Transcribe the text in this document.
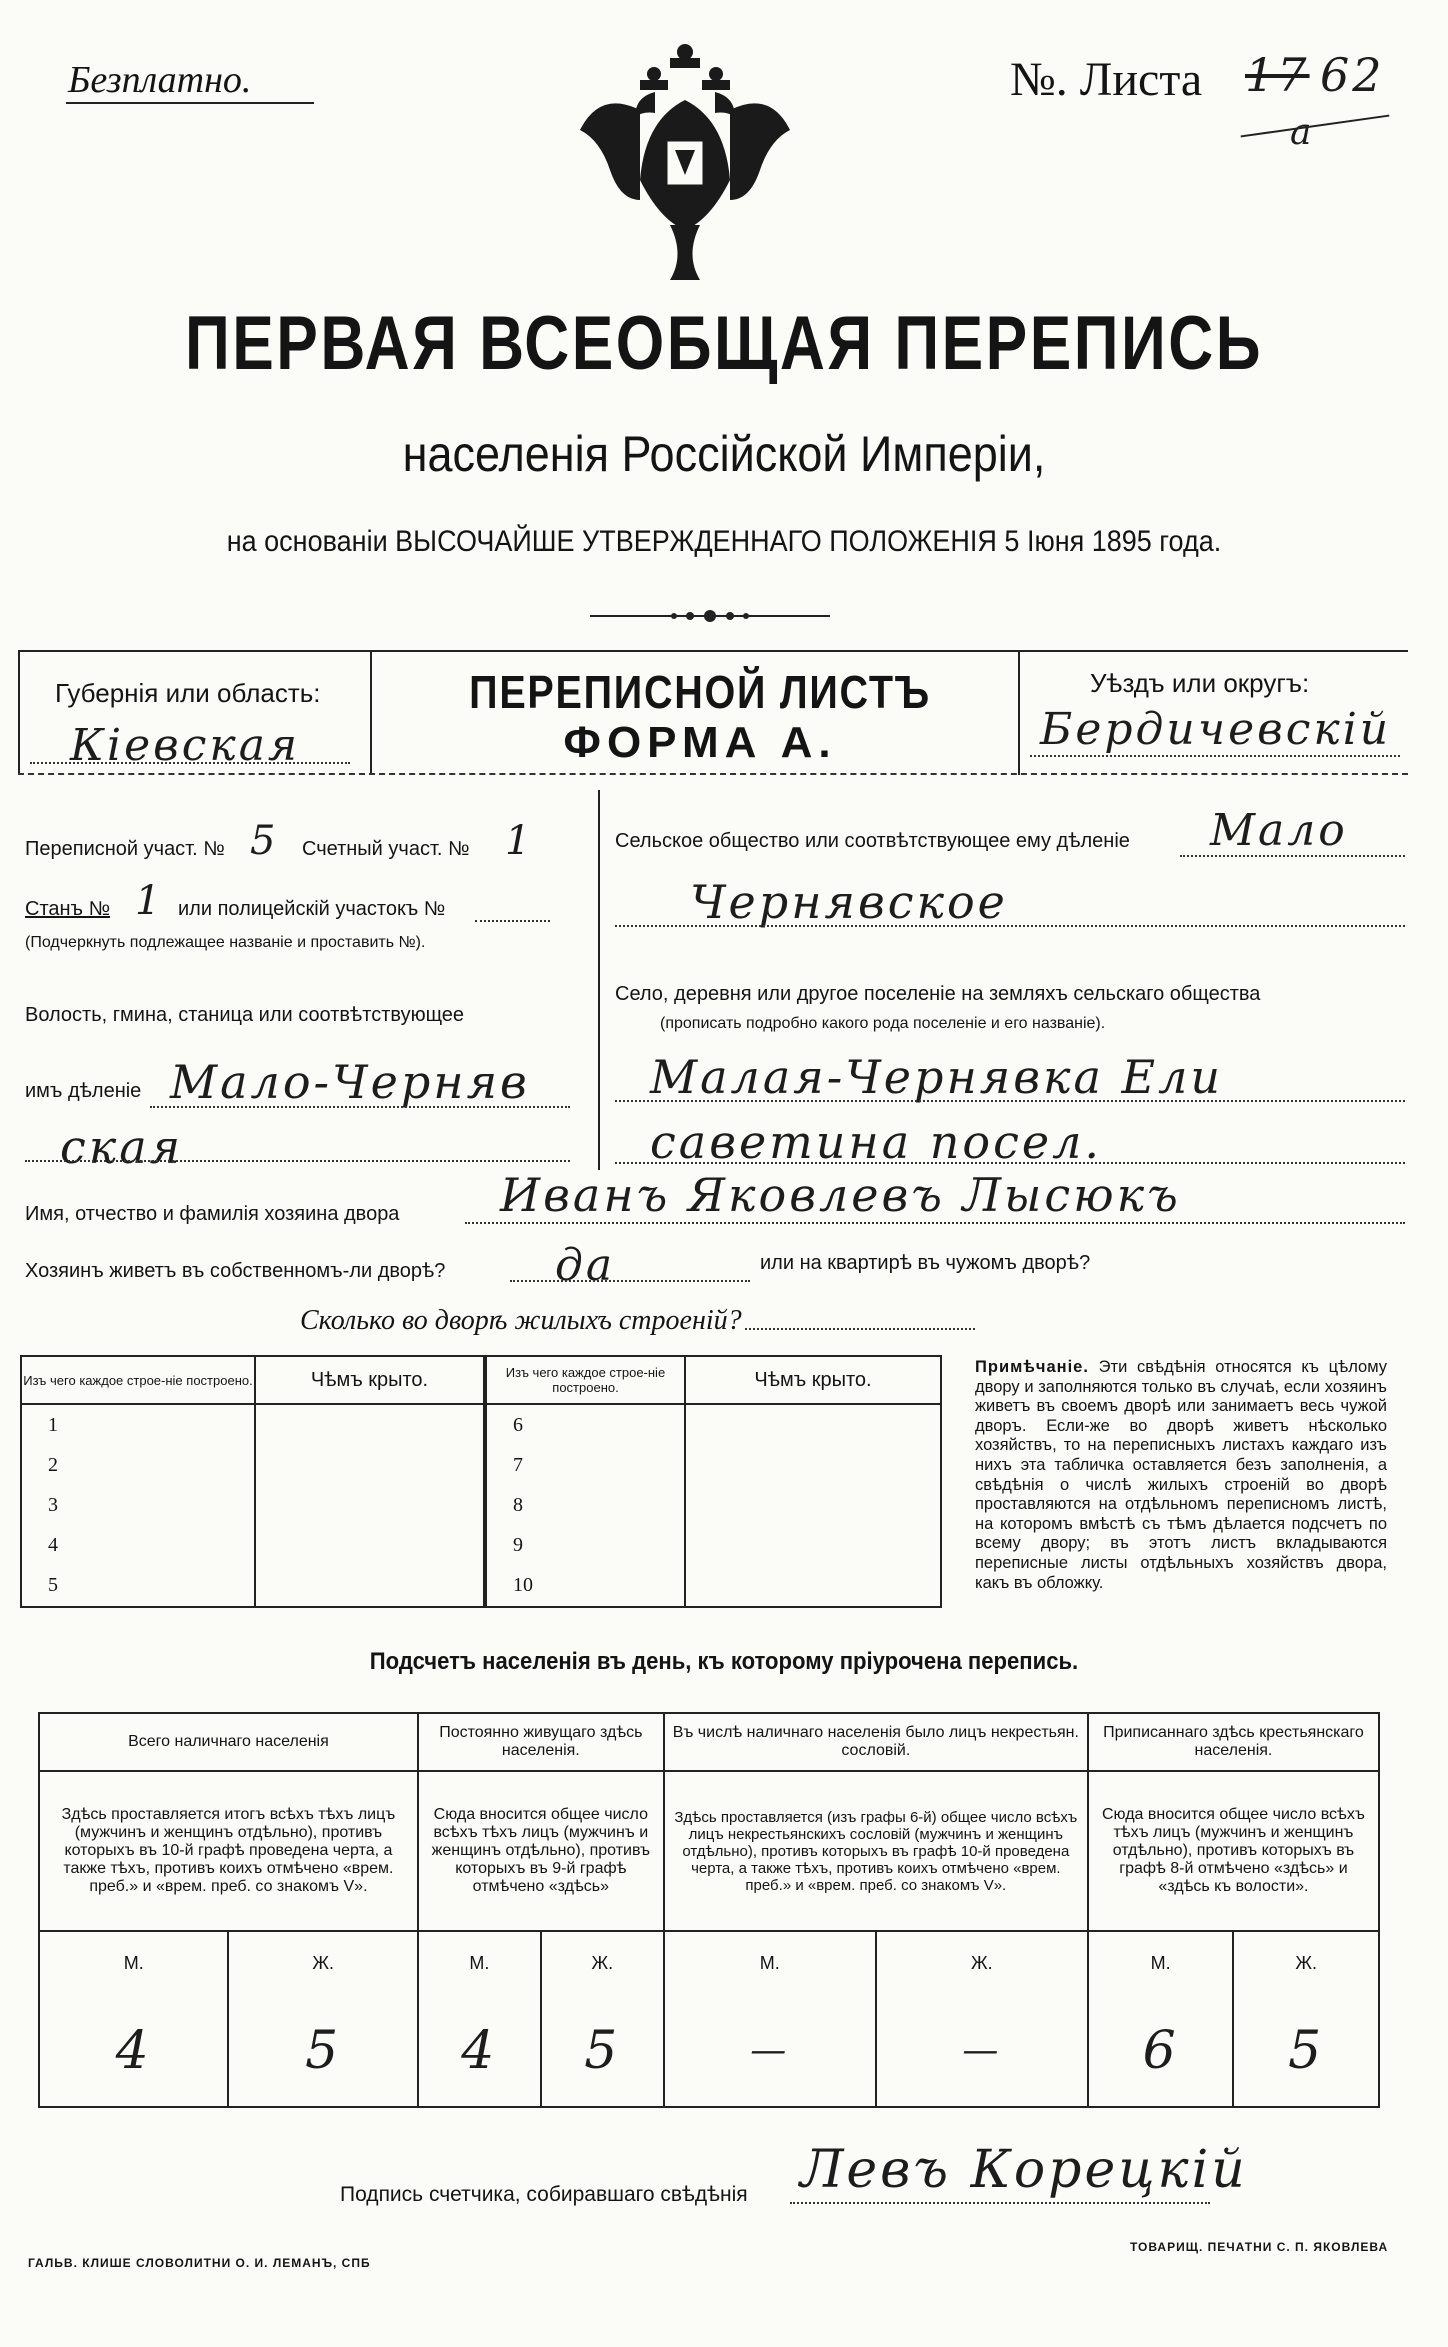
Безплатно.	№. Листа 17 62
a
ПЕРВАЯ ВСЕОБЩАЯ ПЕРЕПИСЬ
населенія Россійской Имперіи,
на основаніи ВЫСОЧАЙШЕ УТВЕРЖДЕННАГО ПОЛОЖЕНІЯ 5 Іюня 1895 года.
Губернія или область:
Кіевская
ПЕРЕПИСНОЙ ЛИСТЪ
ФОРМА А.
Уѣздъ или округъ:
Бердичевскій
Переписной участ. № 5 Счетный участ. № 1
Станъ № 1 или полицейскій участокъ №
(Подчеркнуть подлежащее названіе и проставить №).
Волость, гмина, станица или соотвѣтствующее
имъ дѣленіе Мало-Черняв
ская
Сельское общество или соотвѣтствующее ему дѣленіе Мало
Чернявское
Село, деревня или другое поселеніе на земляхъ сельскаго общества
(прописать подробно какого рода поселеніе и его названіе).
Малая-Чернявка Ели
саветина посел.
Имя, отчество и фамилія хозяина двора Иванъ Яковлевъ Лысюкъ
Хозяинъ живетъ въ собственномъ-ли дворѣ? да	или на квартирѣ въ чужомъ дворѣ?
Сколько во дворѣ жилыхъ строеній?
Изъ чего каждое строе-ніе построено.	Чѣмъ крыто.	Изъ чего каждое строе-ніе построено.	Чѣмъ крыто.
1		6	
2		7	
3		8	
4		9	
5		10	
Примѣчаніе. Эти свѣдѣнія относятся къ цѣлому двору и заполняются только въ случаѣ, если хозяинъ живетъ въ своемъ дворѣ или занимаетъ весь чужой дворъ. Если-же во дворѣ живетъ нѣсколько хозяйствъ, то на переписныхъ листахъ каждаго изъ нихъ эта табличка оставляется безъ заполненія, а свѣдѣнія о числѣ жилыхъ строеній во дворѣ проставляются на отдѣльномъ переписномъ листѣ, на которомъ вмѣстѣ съ тѣмъ дѣлается подсчетъ по всему двору; въ этотъ листъ вкладываются переписные листы отдѣльныхъ хозяйствъ двора, какъ въ обложку.
Подсчетъ населенія въ день, къ которому пріурочена перепись.
Всего наличнаго населенія		Постоянно живущаго здѣсь населенія.		Въ числѣ наличнаго населенія было лицъ некрестьян. сословій.		Приписаннаго здѣсь крестьянскаго населенія.	
Здѣсь проставляется итогъ всѣхъ тѣхъ лицъ (мужчинъ и женщинъ отдѣльно), противъ которыхъ въ 10-й графѣ проведена черта, а также тѣхъ, противъ коихъ отмѣчено «врем. преб.» и «врем. преб. со знакомъ V».		Сюда вносится общее число всѣхъ тѣхъ лицъ (мужчинъ и женщинъ отдѣльно), противъ которыхъ въ 9-й графѣ отмѣчено «здѣсь»		Здѣсь проставляется (изъ графы 6-й) общее число всѣхъ лицъ некрестьянскихъ сословій (мужчинъ и женщинъ отдѣльно), противъ которыхъ въ графѣ 10-й проведена черта, а также тѣхъ, противъ коихъ отмѣчено «врем. преб.» и «врем. преб. со знакомъ V».		Сюда вносится общее число всѣхъ тѣхъ лицъ (мужчинъ и женщинъ отдѣльно), противъ которыхъ въ графѣ 8-й отмѣчено «здѣсь» и «здѣсь къ волости».	
М.	Ж.	М.	Ж.	М.	Ж.	М.	Ж.
4	5	4	5	—	—	6	5
Подпись счетчика, собиравшаго свѣдѣнія Левъ Корецкій
ГАЛЬВ. КЛИШЕ СЛОВОЛИТНИ О. И. ЛЕМАНЪ, СПБ
ТОВАРИЩ. ПЕЧАТНИ С. П. ЯКОВЛЕВА
